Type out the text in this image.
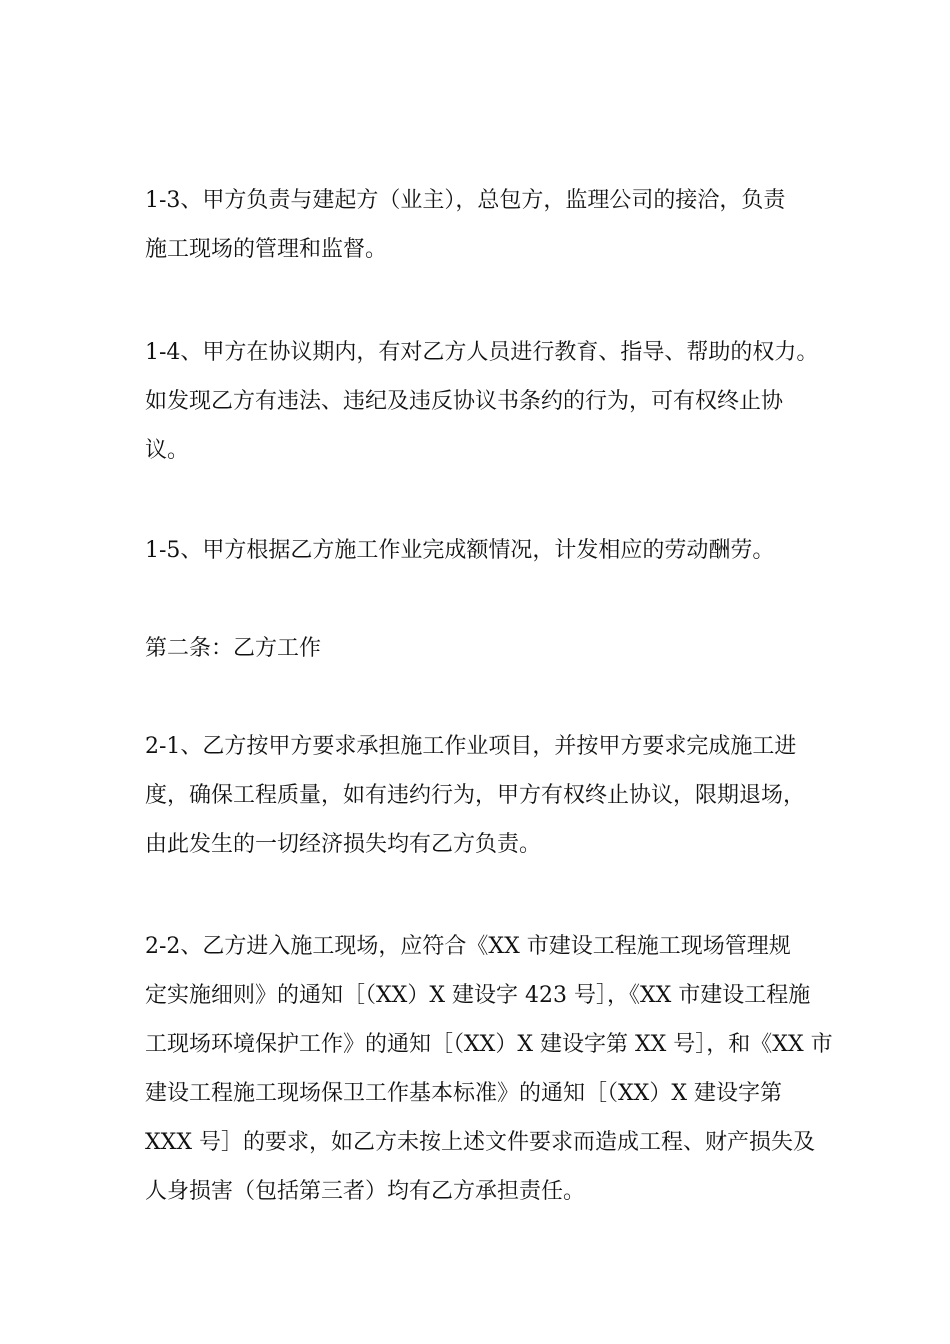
1-3、甲方负责与建起方（业主），总包方，监理公司的接洽，负责
施工现场的管理和监督。
1-4、甲方在协议期内，有对乙方人员进行教育、指导、帮助的权力。
如发现乙方有违法、违纪及违反协议书条约的行为，可有权终止协
议。
1-5、甲方根据乙方施工作业完成额情况，计发相应的劳动酬劳。
第二条：乙方工作
2-1、乙方按甲方要求承担施工作业项目，并按甲方要求完成施工进
度，确保工程质量，如有违约行为，甲方有权终止协议，限期退场，
由此发生的一切经济损失均有乙方负责。
2-2、乙方进入施工现场，应符合《XX 市建设工程施工现场管理规
定实施细则》的通知［（XX）X 建设字 423 号］，《XX 市建设工程施
工现场环境保护工作》的通知［（XX）X 建设字第 XX 号］，和《XX 市
建设工程施工现场保卫工作基本标准》的通知［（XX）X 建设字第
XXX 号］的要求，如乙方未按上述文件要求而造成工程、财产损失及
人身损害（包括第三者）均有乙方承担责任。
